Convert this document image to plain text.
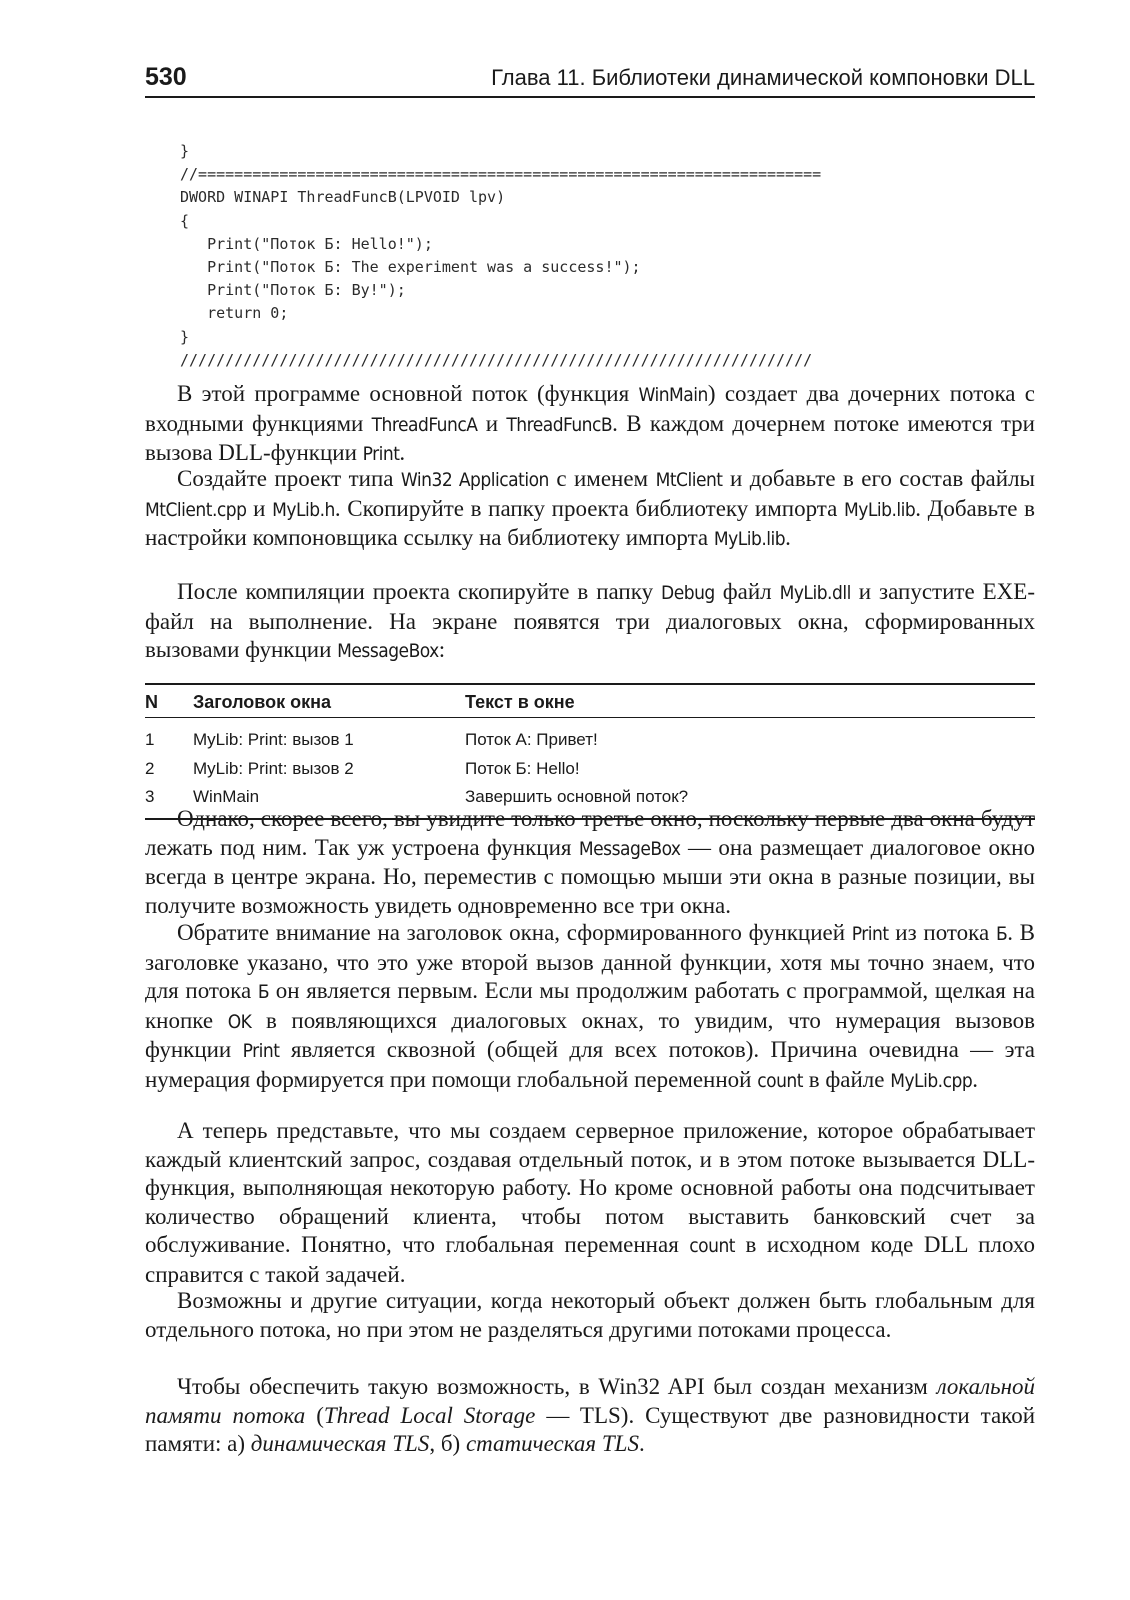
530	Глава 11. Библиотеки динамической компоновки DLL
}
//=====================================================================
DWORD WINAPI ThreadFuncB(LPVOID lpv)
{
Print("Поток Б: Hello!");
Print("Поток Б: The experiment was a success!");
Print("Поток Б: By!");
return 0;
}
//////////////////////////////////////////////////////////////////////

В этой программе основной поток (функция WinMain) создает два дочерних потока с входными функциями ThreadFuncA и ThreadFuncB. В каждом дочернем потоке имеются три вызова DLL-функции Print.

Создайте проект типа Win32 Application с именем MtClient и добавьте в его состав файлы MtClient.cpp и MyLib.h. Скопируйте в папку проекта библиотеку импорта MyLib.lib. Добавьте в настройки компоновщика ссылку на библиотеку импорта MyLib.lib.

После компиляции проекта скопируйте в папку Debug файл MyLib.dll и запустите EXE-файл на выполнение. На экране появятся три диалоговых окна, сформированных вызовами функции MessageBox:

N	Заголовок окна	Текст в окне
1	MyLib: Print: вызов 1	Поток А: Привет!
2	MyLib: Print: вызов 2	Поток Б: Hello!
3	WinMain	Завершить основной поток?

Однако, скорее всего, вы увидите только третье окно, поскольку первые два окна будут лежать под ним. Так уж устроена функция MessageBox — она размещает диалоговое окно всегда в центре экрана. Но, переместив с помощью мыши эти окна в разные позиции, вы получите возможность увидеть одновременно все три окна.

Обратите внимание на заголовок окна, сформированного функцией Print из потока Б. В заголовке указано, что это уже второй вызов данной функции, хотя мы точно знаем, что для потока Б он является первым. Если мы продолжим работать с программой, щелкая на кнопке OK в появляющихся диалоговых окнах, то увидим, что нумерация вызовов функции Print является сквозной (общей для всех потоков). Причина очевидна — эта нумерация формируется при помощи глобальной переменной count в файле MyLib.cpp.

А теперь представьте, что мы создаем серверное приложение, которое обрабатывает каждый клиентский запрос, создавая отдельный поток, и в этом потоке вызывается DLL-функция, выполняющая некоторую работу. Но кроме основной работы она подсчитывает количество обращений клиента, чтобы потом выставить банковский счет за обслуживание. Понятно, что глобальная переменная count в исходном коде DLL плохо справится с такой задачей.

Возможны и другие ситуации, когда некоторый объект должен быть глобальным для отдельного потока, но при этом не разделяться другими потоками процесса.

Чтобы обеспечить такую возможность, в Win32 API был создан механизм локальной памяти потока (Thread Local Storage — TLS). Существуют две разновидности такой памяти: а) динамическая TLS, б) статическая TLS.
